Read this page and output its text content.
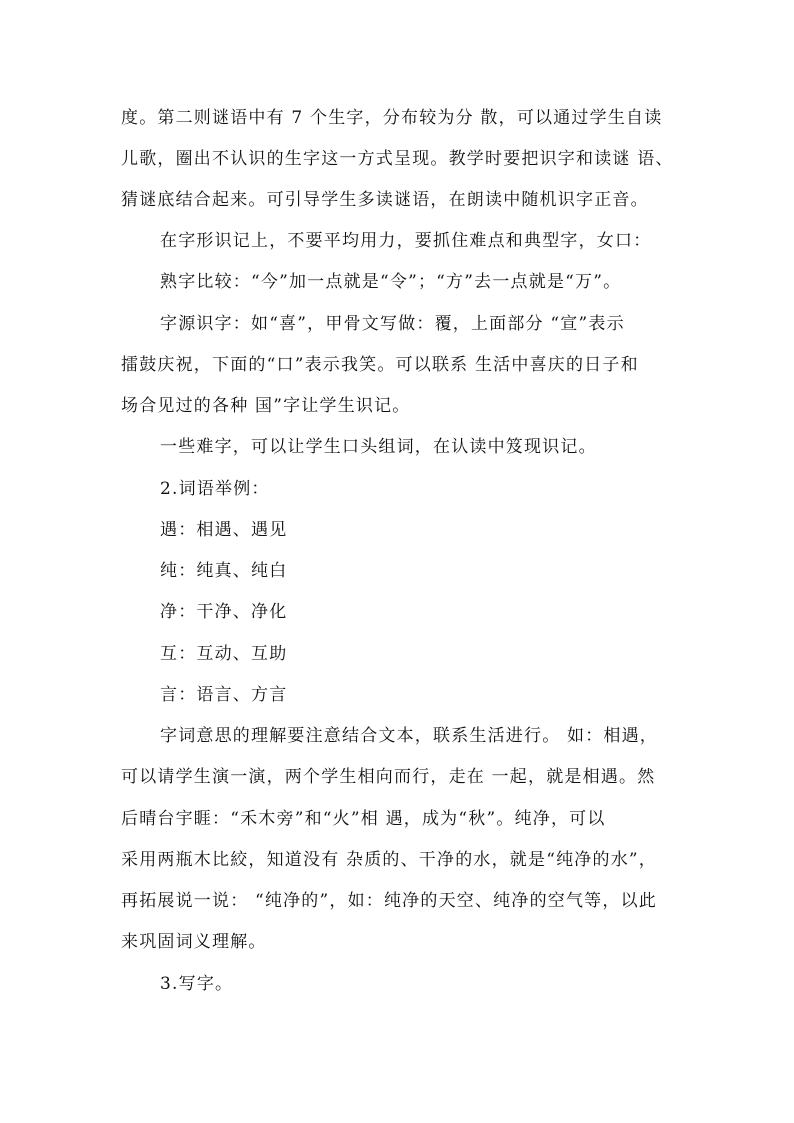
度。第二则谜语中有 7 个生字，分布较为分 散，可以通过学生自读
儿歌，圈出不认识的生字这一方式呈现。教学时要把识字和读谜 语、
猜谜底结合起来。可引导学生多读谜语，在朗读中随机识字正音。
在字形识记上，不要平均用力，要抓住难点和典型字，女口：
熟字比较：“今”加一点就是“令”；“方”去一点就是“万”。
字源识字：如“喜”，甲骨文写做：覆，上面部分 “宣”表示
擂鼓庆祝，下面的“口”表示我笑。可以联系 生活中喜庆的日子和
场合见过的各种 国”字让学生识记。
一些难字，可以让学生口头组词，在认读中笈现识记。
2.词语举例：
遇：相遇、遇见
纯：纯真、纯白
净：干净、净化
互：互动、互助
言：语言、方言
字词意思的理解要注意结合文本，联系生活进行。 如：相遇，
可以请学生演一演，两个学生相向而行，走在 一起，就是相遇。然
后晴台宇睚：“禾木旁”和“火”相 遇，成为“秋”。纯净，可以
采用两瓶木比絞，知道没有 杂质的、干净的水，就是“纯净的水”，
再拓展说一说： “纯净的”，如：纯净的天空、纯净的空气等，以此
来巩固词义理解。
3.写字。
